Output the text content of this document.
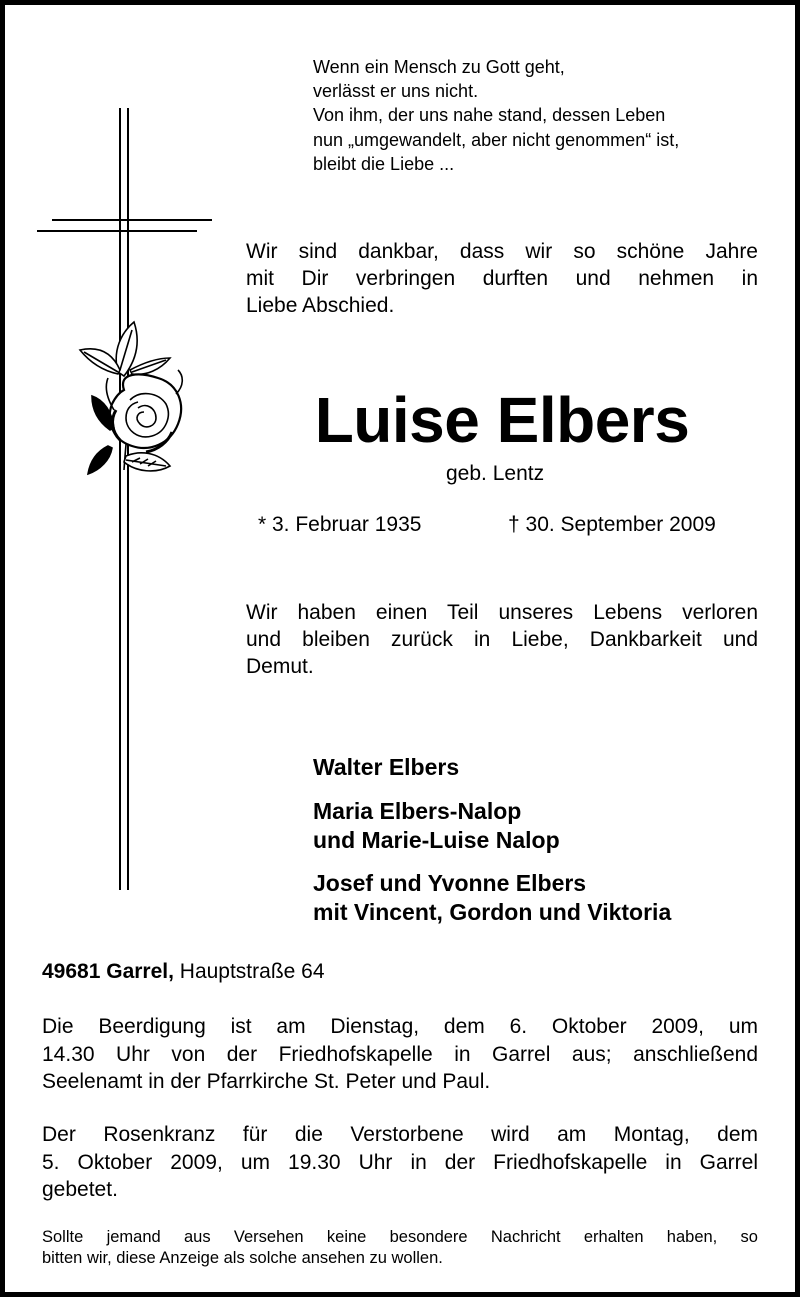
Wenn ein Mensch zu Gott geht,
verlässt er uns nicht.
Von ihm, der uns nahe stand, dessen Leben
nun „umgewandelt, aber nicht genommen“ ist,
bleibt die Liebe ...
Wir sind dankbar, dass wir so schöne Jahre
mit Dir verbringen durften und nehmen in
Liebe Abschied.
Luise Elbers
geb. Lentz
* 3. Februar 1935	† 30. September 2009
Wir haben einen Teil unseres Lebens verloren
und bleiben zurück in Liebe, Dankbarkeit und
Demut.
Walter Elbers
Maria Elbers-Nalop
und Marie-Luise Nalop
Josef und Yvonne Elbers
mit Vincent, Gordon und Viktoria
49681 Garrel, Hauptstraße 64
Die Beerdigung ist am Dienstag, dem 6. Oktober 2009, um
14.30 Uhr von der Friedhofskapelle in Garrel aus; anschließend
Seelenamt in der Pfarrkirche St. Peter und Paul.
Der Rosenkranz für die Verstorbene wird am Montag, dem
5. Oktober 2009, um 19.30 Uhr in der Friedhofskapelle in Garrel
gebetet.
Sollte jemand aus Versehen keine besondere Nachricht erhalten haben, so
bitten wir, diese Anzeige als solche ansehen zu wollen.
